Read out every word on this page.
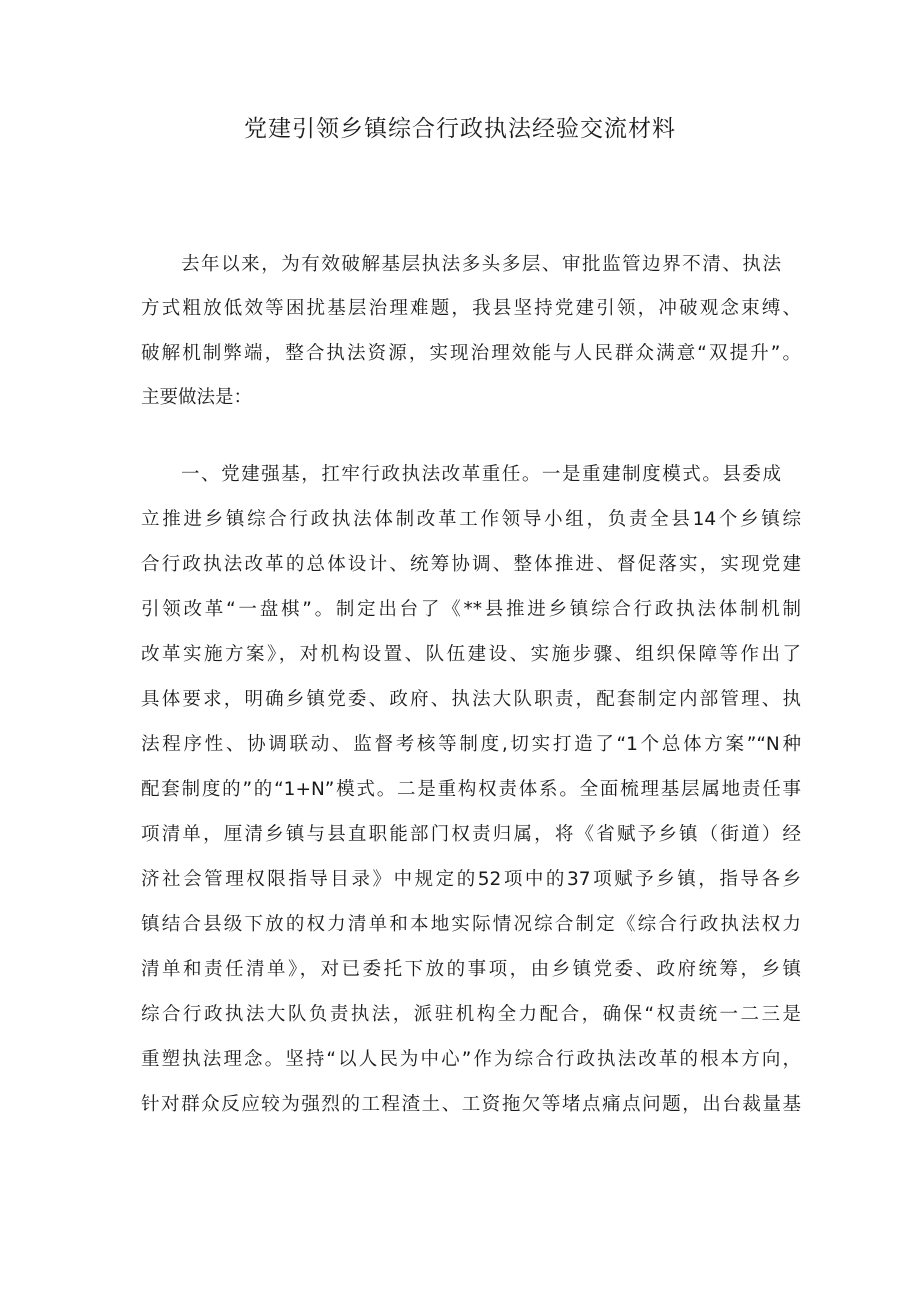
党建引领乡镇综合行政执法经验交流材料

去年以来，为有效破解基层执法多头多层、审批监管边界不清、执法

方式粗放低效等困扰基层治理难题，我县坚持党建引领，冲破观念束缚、

破解机制弊端，整合执法资源，实现治理效能与人民群众满意“双提升”。

主要做法是：

一、党建强基，扛牢行政执法改革重任。一是重建制度模式。县委成

立推进乡镇综合行政执法体制改革工作领导小组，负责全县14个乡镇综

合行政执法改革的总体设计、统筹协调、整体推进、督促落实，实现党建

引领改革“一盘棋”。制定出台了《**县推进乡镇综合行政执法体制机制

改革实施方案》，对机构设置、队伍建设、实施步骤、组织保障等作出了

具体要求，明确乡镇党委、政府、执法大队职责，配套制定内部管理、执

法程序性、协调联动、监督考核等制度,切实打造了“1个总体方案”“N种

配套制度的”的“1+N”模式。二是重构权责体系。全面梳理基层属地责任事

项清单，厘清乡镇与县直职能部门权责归属，将《省赋予乡镇（街道）经

济社会管理权限指导目录》中规定的52项中的37项赋予乡镇，指导各乡

镇结合县级下放的权力清单和本地实际情况综合制定《综合行政执法权力

清单和责任清单》，对已委托下放的事项，由乡镇党委、政府统筹，乡镇

综合行政执法大队负责执法，派驻机构全力配合，确保“权责统一二三是

重塑执法理念。坚持“以人民为中心”作为综合行政执法改革的根本方向，

针对群众反应较为强烈的工程渣土、工资拖欠等堵点痛点问题，出台裁量基
